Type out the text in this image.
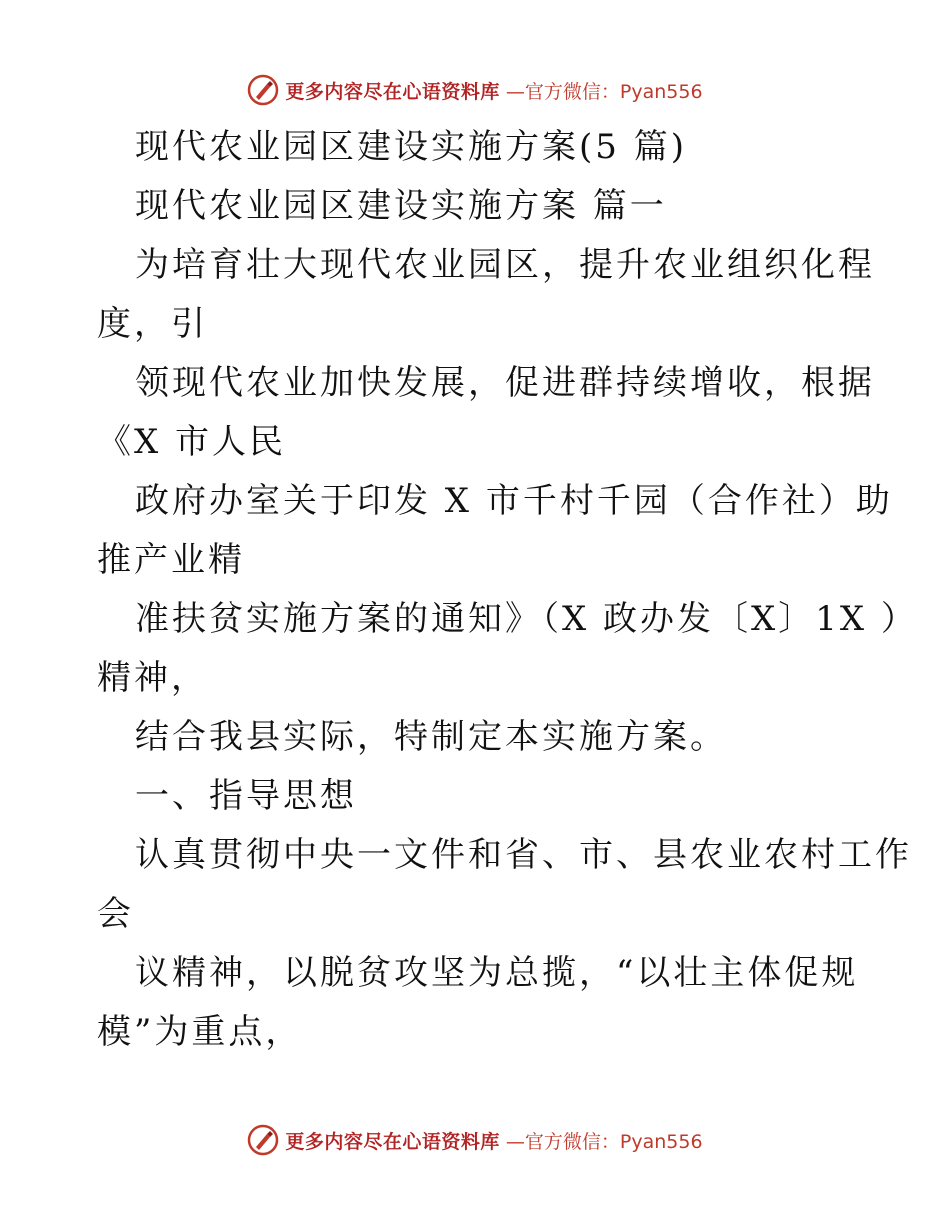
更多内容尽在心语资料库 —官方微信：Pyan556
现代农业园区建设实施方案(5 篇)
现代农业园区建设实施方案 篇一
为培育壮大现代农业园区，提升农业组织化程
度，引
领现代农业加快发展，促进群持续增收，根据
《X 市人民
政府办室关于印发 X 市千村千园（合作社）助
推产业精
准扶贫实施方案的通知》（X 政办发〔X〕1X ）
精神，
结合我县实际，特制定本实施方案。
一、指导思想
认真贯彻中央一文件和省、市、县农业农村工作
会
议精神，以脱贫攻坚为总揽，“以壮主体促规
模”为重点，
更多内容尽在心语资料库 —官方微信：Pyan556
